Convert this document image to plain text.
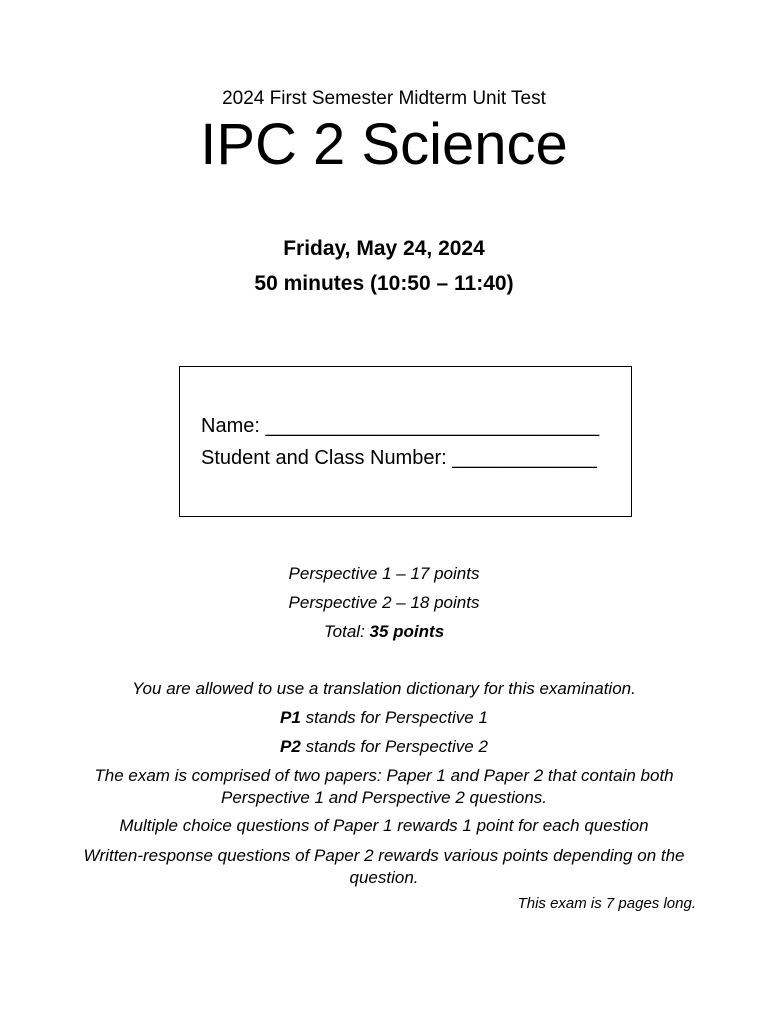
2024 First Semester Midterm Unit Test
IPC 2 Science
Friday, May 24, 2024
50 minutes (10:50 – 11:40)
Name: ______________________________
Student and Class Number: _____________
Perspective 1 – 17 points
Perspective 2 – 18 points
Total: 35 points
You are allowed to use a translation dictionary for this examination.
P1 stands for Perspective 1
P2 stands for Perspective 2
The exam is comprised of two papers: Paper 1 and Paper 2 that contain both Perspective 1 and Perspective 2 questions.
Multiple choice questions of Paper 1 rewards 1 point for each question
Written-response questions of Paper 2 rewards various points depending on the question.
This exam is 7 pages long.
